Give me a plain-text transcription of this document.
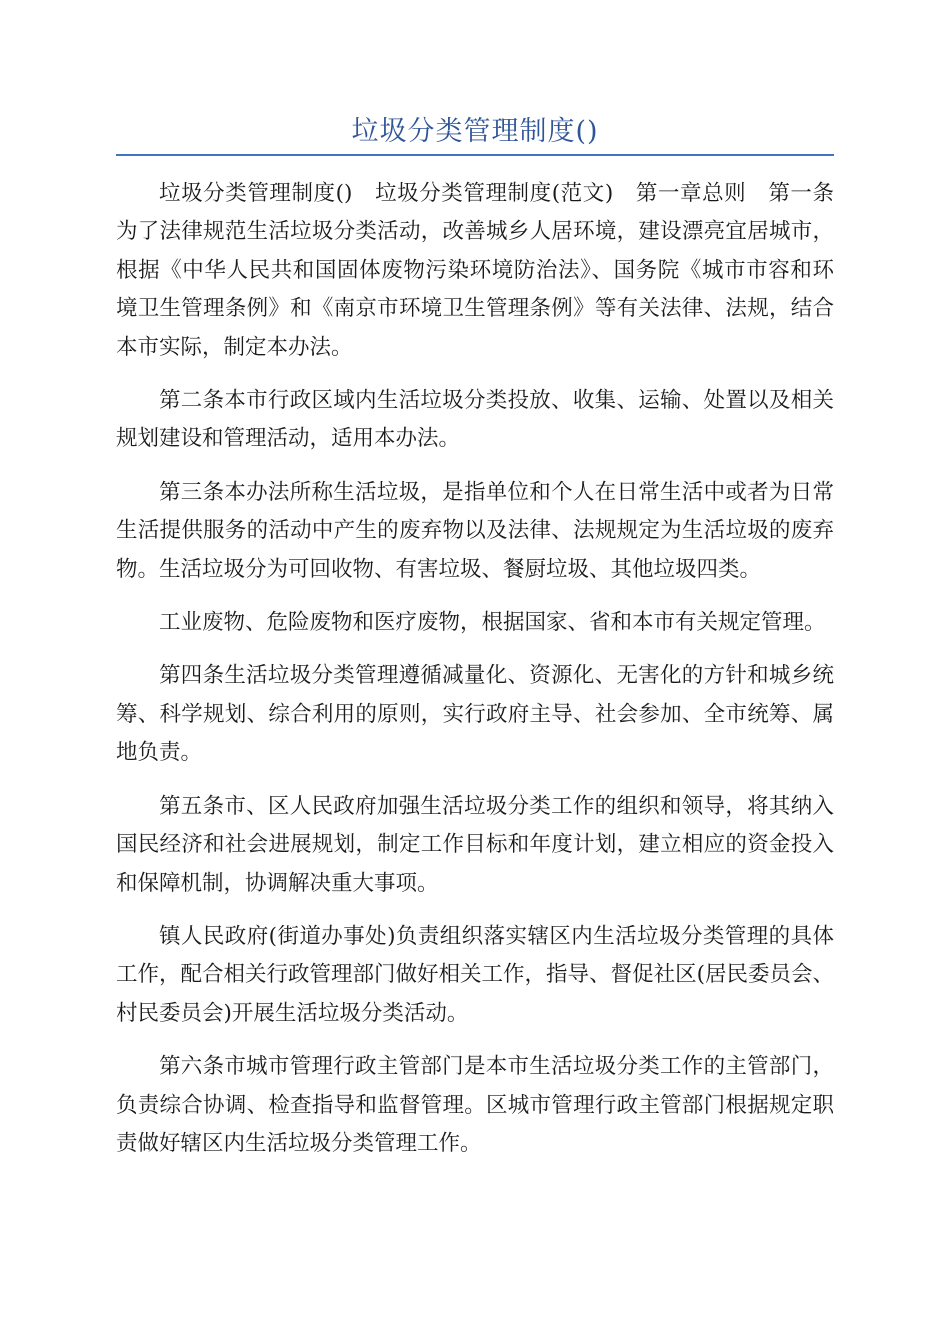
垃圾分类管理制度()

垃圾分类管理制度()　垃圾分类管理制度(范文)　第一章总则　第一条为了法律规范生活垃圾分类活动，改善城乡人居环境，建设漂亮宜居城市，根据《中华人民共和国固体废物污染环境防治法》、国务院《城市市容和环境卫生管理条例》和《南京市环境卫生管理条例》等有关法律、法规，结合本市实际，制定本办法。

第二条本市行政区域内生活垃圾分类投放、收集、运输、处置以及相关规划建设和管理活动，适用本办法。

第三条本办法所称生活垃圾，是指单位和个人在日常生活中或者为日常生活提供服务的活动中产生的废弃物以及法律、法规规定为生活垃圾的废弃物。生活垃圾分为可回收物、有害垃圾、餐厨垃圾、其他垃圾四类。

工业废物、危险废物和医疗废物，根据国家、省和本市有关规定管理。

第四条生活垃圾分类管理遵循减量化、资源化、无害化的方针和城乡统筹、科学规划、综合利用的原则，实行政府主导、社会参加、全市统筹、属地负责。

第五条市、区人民政府加强生活垃圾分类工作的组织和领导，将其纳入国民经济和社会进展规划，制定工作目标和年度计划，建立相应的资金投入和保障机制，协调解决重大事项。

镇人民政府(街道办事处)负责组织落实辖区内生活垃圾分类管理的具体工作，配合相关行政管理部门做好相关工作，指导、督促社区(居民委员会、村民委员会)开展生活垃圾分类活动。

第六条市城市管理行政主管部门是本市生活垃圾分类工作的主管部门，负责综合协调、检查指导和监督管理。区城市管理行政主管部门根据规定职责做好辖区内生活垃圾分类管理工作。
